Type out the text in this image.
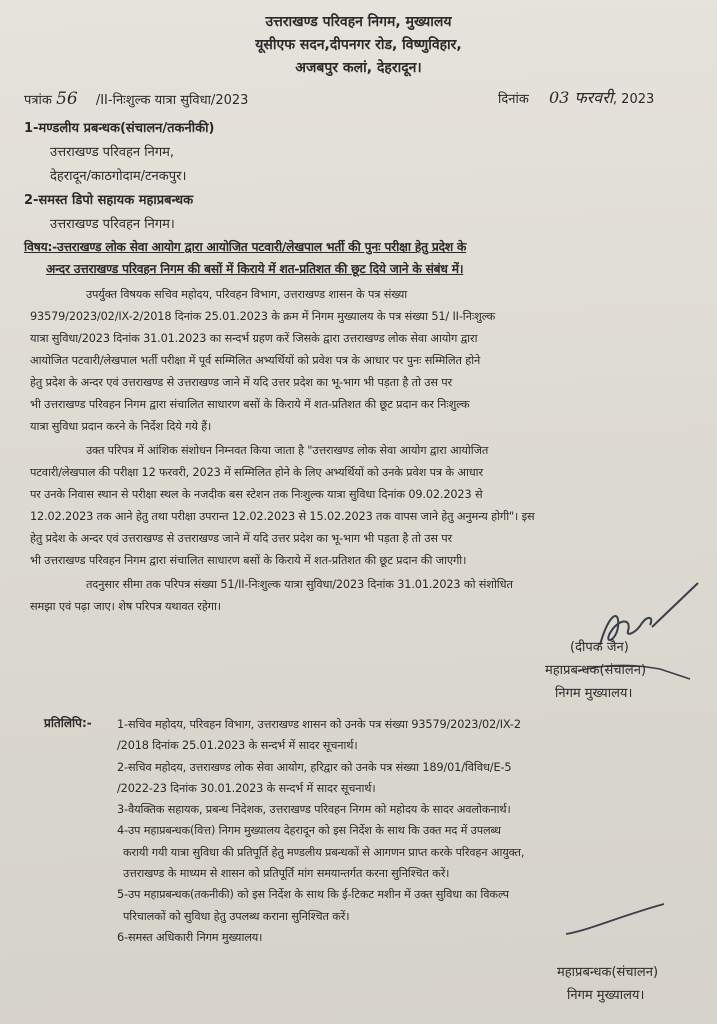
उत्तराखण्ड परिवहन निगम, मुख्यालय
यूसीएफ सदन,दीपनगर रोड, विष्णुविहार,
अजबपुर कलां, देहरादून।
पत्रांक 56 /II-निःशुल्क यात्रा सुविधा/2023	दिनांक 03 फरवरी, 2023
1-मण्डलीय प्रबन्धक(संचालन/तकनीकी)
उत्तराखण्ड परिवहन निगम,
देहरादून/काठगोदाम/टनकपुर।
2-समस्त डिपो सहायक महाप्रबन्धक
उत्तराखण्ड परिवहन निगम।
विषय:-उत्तराखण्ड लोक सेवा आयोग द्वारा आयोजित पटवारी/लेखपाल भर्ती की पुनः परीक्षा हेतु प्रदेश के
अन्दर उत्तराखण्ड परिवहन निगम की बसों में किराये में शत-प्रतिशत की छूट दिये जाने के संबंध में।

उपर्युक्त विषयक सचिव महोदय, परिवहन विभाग, उत्तराखण्ड शासन के पत्र संख्या

93579/2023/02/IX-2/2018 दिनांक 25.01.2023 के क्रम में निगम मुख्यालय के पत्र संख्या 51/ II-निःशुल्क

यात्रा सुविधा/2023 दिनांक 31.01.2023 का सन्दर्भ ग्रहण करें जिसके द्वारा उत्तराखण्ड लोक सेवा आयोग द्वारा

आयोजित पटवारी/लेखपाल भर्ती परीक्षा में पूर्व सम्मिलित अभ्यर्थियों को प्रवेश पत्र के आधार पर पुनः सम्मिलित होने

हेतु प्रदेश के अन्दर एवं उत्तराखण्ड से उत्तराखण्ड जाने में यदि उत्तर प्रदेश का भू-भाग भी पड़ता है तो उस पर

भी उत्तराखण्ड परिवहन निगम द्वारा संचालित साधारण बसों के किराये में शत-प्रतिशत की छूट प्रदान कर निःशुल्क

यात्रा सुविधा प्रदान करने के निर्देश दिये गये हैं।

उक्त परिपत्र में आंशिक संशोधन निम्नवत किया जाता है "उत्तराखण्ड लोक सेवा आयोग द्वारा आयोजित

पटवारी/लेखपाल की परीक्षा 12 फरवरी, 2023 में सम्मिलित होने के लिए अभ्यर्थियों को उनके प्रवेश पत्र के आधार

पर उनके निवास स्थान से परीक्षा स्थल के नजदीक बस स्टेशन तक निःशुल्क यात्रा सुविधा दिनांक 09.02.2023 से

12.02.2023 तक आने हेतु तथा परीक्षा उपरान्त 12.02.2023 से 15.02.2023 तक वापस जाने हेतु अनुमन्य होगी"। इस

हेतु प्रदेश के अन्दर एवं उत्तराखण्ड से उत्तराखण्ड जाने में यदि उत्तर प्रदेश का भू-भाग भी पड़ता है तो उस पर

भी उत्तराखण्ड परिवहन निगम द्वारा संचालित साधारण बसों के किराये में शत-प्रतिशत की छूट प्रदान की जाएगी।

तदनुसार सीमा तक परिपत्र संख्या 51/II-निःशुल्क यात्रा सुविधा/2023 दिनांक 31.01.2023 को संशोधित

समझा एवं पढ़ा जाए। शेष परिपत्र यथावत रहेगा।

(दीपक जैन)
महाप्रबन्धक(संचालन)
निगम मुख्यालय।
प्रतिलिपि:- 1-सचिव महोदय, परिवहन विभाग, उत्तराखण्ड शासन को उनके पत्र संख्या 93579/2023/02/IX-2

/2018 दिनांक 25.01.2023 के सन्दर्भ में सादर सूचनार्थ।

2-सचिव महोदय, उत्तराखण्ड लोक सेवा आयोग, हरिद्वार को उनके पत्र संख्या 189/01/विविध/E-5

/2022-23 दिनांक 30.01.2023 के सन्दर्भ में सादर सूचनार्थ।

3-वैयक्तिक सहायक, प्रबन्ध निदेशक, उत्तराखण्ड परिवहन निगम को महोदय के सादर अवलोकनार्थ।

4-उप महाप्रबन्धक(वित्त) निगम मुख्यालय देहरादून को इस निर्देश के साथ कि उक्त मद में उपलब्ध

करायी गयी यात्रा सुविधा की प्रतिपूर्ति हेतु मण्डलीय प्रबन्धकों से आगणन प्राप्त करके परिवहन आयुक्त,

उत्तराखण्ड के माध्यम से शासन को प्रतिपूर्ति मांग समयान्तर्गत करना सुनिश्चित करें।

5-उप महाप्रबन्धक(तकनीकी) को इस निर्देश के साथ कि ई-टिकट मशीन में उक्त सुविधा का विकल्प

परिचालकों को सुविधा हेतु उपलब्ध कराना सुनिश्चित करें।

6-समस्त अधिकारी निगम मुख्यालय।

महाप्रबन्धक(संचालन)
निगम मुख्यालय।
